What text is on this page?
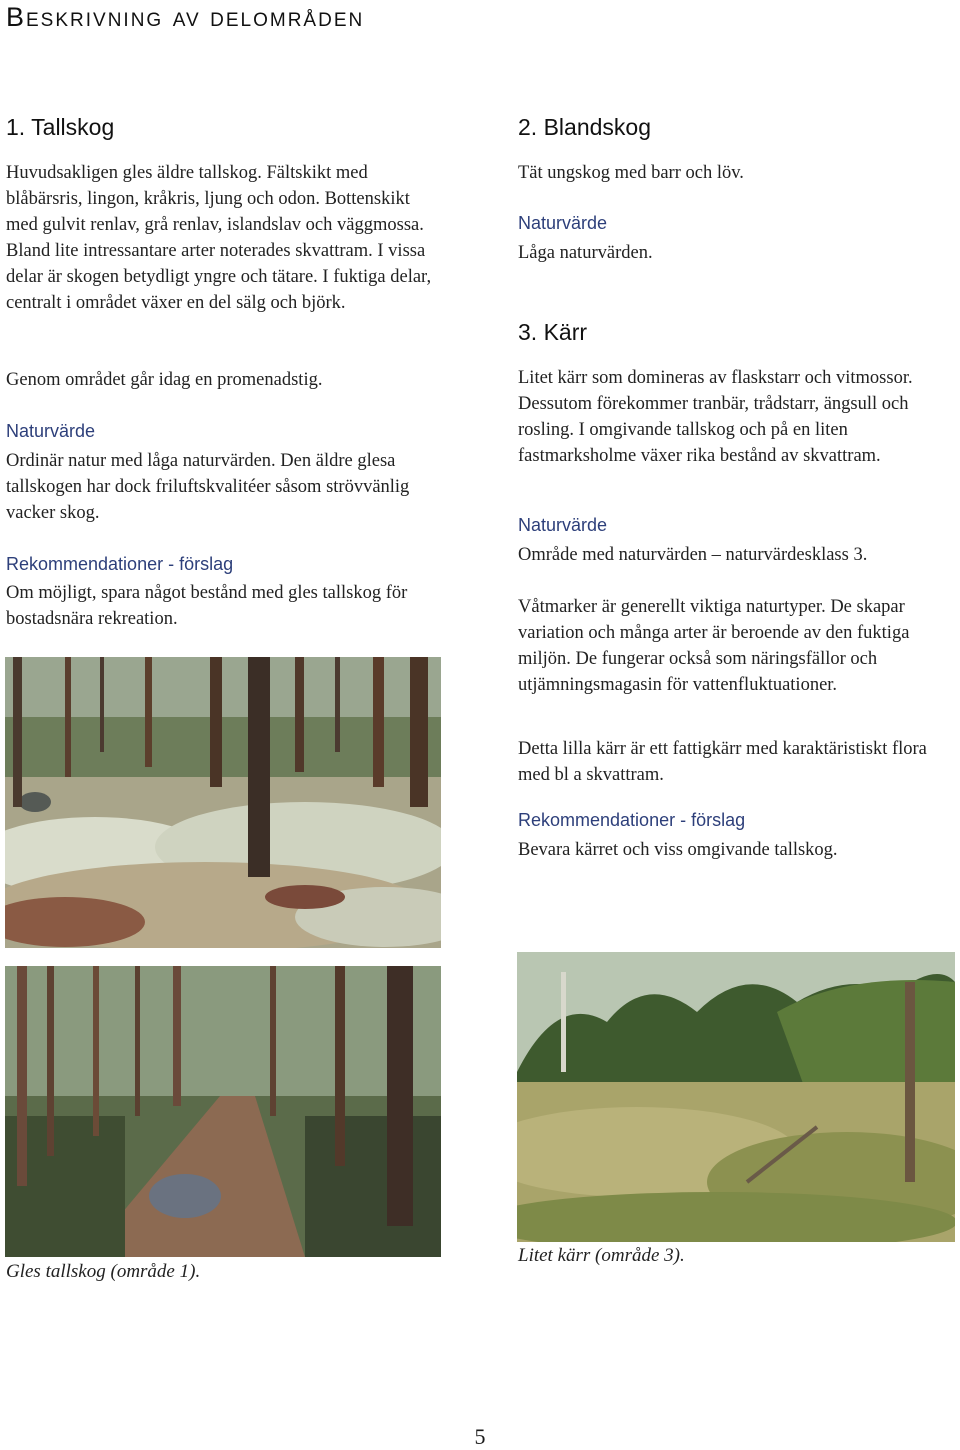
Beskrivning av delområden
1. Tallskog

Huvudsakligen gles äldre tallskog. Fältskikt med blåbärsris, lingon, kråkris, ljung och odon. Bottenskikt med gulvit renlav, grå renlav, islandslav och väggmossa. Bland lite intressantare arter noterades skvattram. I vissa delar är skogen betydligt yngre och tätare. I fuktiga delar, centralt i området växer en del sälg och björk.

Genom området går idag en promenadstig.

Naturvärde

Ordinär natur med låga naturvärden. Den äldre glesa tallskogen har dock friluftskvalitéer såsom strövvänlig vacker skog.

Rekommendationer - förslag

Om möjligt, spara något bestånd med gles tallskog för bostadsnära rekreation.

Gles tallskog (område 1).

2. Blandskog

Tät ungskog med barr och löv.

Naturvärde

Låga naturvärden.

3. Kärr

Litet kärr som domineras av flaskstarr och vitmossor. Dessutom förekommer tranbär, trådstarr, ängsull och rosling. I omgivande tallskog och på en liten fastmarksholme växer rika bestånd av skvattram.

Naturvärde

Område med naturvärden – naturvärdesklass 3.

Våtmarker är generellt viktiga naturtyper. De skapar variation och många arter är beroende av den fuktiga miljön. De fungerar också som näringsfällor och utjämningsmagasin för vattenfluktuationer.

Detta lilla kärr är ett fattigkärr med karaktäristiskt flora med bl a skvattram.

Rekommendationer - förslag

Bevara kärret och viss omgivande tallskog.

Litet kärr (område 3).

5
